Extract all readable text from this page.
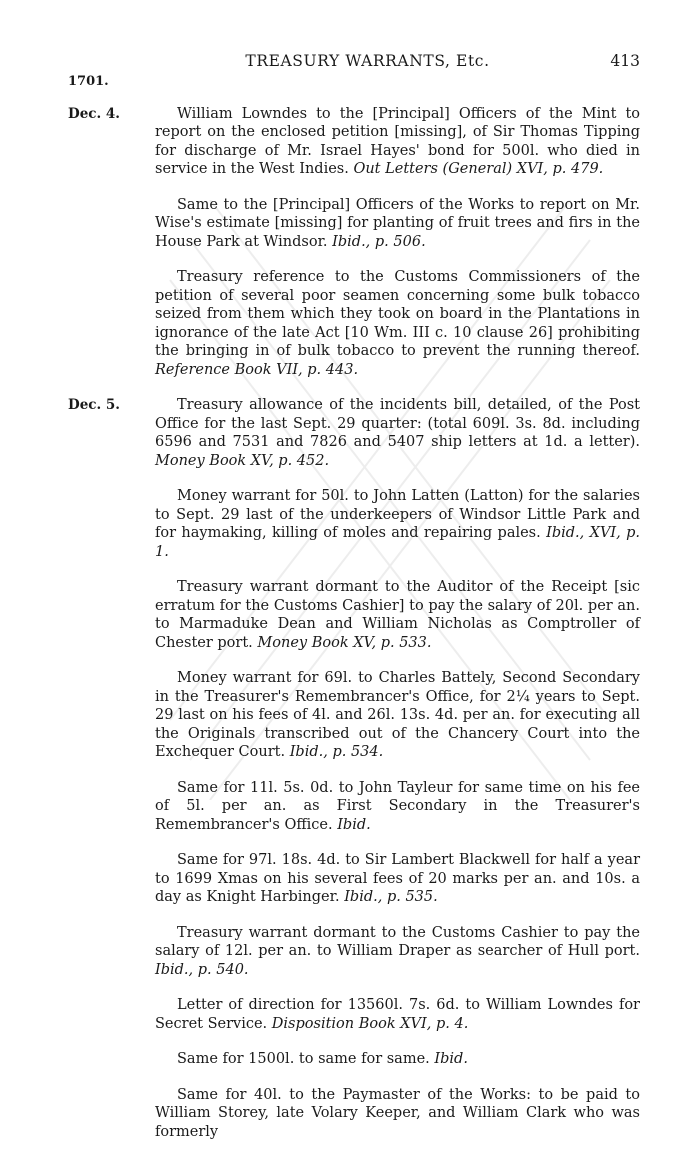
TREASURY WARRANTS, Etc.	413
1701.

Dec. 4.	William Lowndes to the [Principal] Officers of the Mint to report on the enclosed petition [missing], of Sir Thomas Tipping for discharge of Mr. Israel Hayes' bond for 500l. who died in service in the West Indies. Out Letters (General) XVI, p. 479.

Same to the [Principal] Officers of the Works to report on Mr. Wise's estimate [missing] for planting of fruit trees and firs in the House Park at Windsor. Ibid., p. 506.

Treasury reference to the Customs Commissioners of the petition of several poor seamen concerning some bulk tobacco seized from them which they took on board in the Plantations in ignorance of the late Act [10 Wm. III c. 10 clause 26] prohibiting the bringing in of bulk tobacco to prevent the running thereof. Reference Book VII, p. 443.

Dec. 5.	Treasury allowance of the incidents bill, detailed, of the Post Office for the last Sept. 29 quarter: (total 609l. 3s. 8d. including 6596 and 7531 and 7826 and 5407 ship letters at 1d. a letter). Money Book XV, p. 452.

Money warrant for 50l. to John Latten (Latton) for the salaries to Sept. 29 last of the underkeepers of Windsor Little Park and for haymaking, killing of moles and repairing pales. Ibid., XVI, p. 1.

Treasury warrant dormant to the Auditor of the Receipt [sic erratum for the Customs Cashier] to pay the salary of 20l. per an. to Marmaduke Dean and William Nicholas as Comptroller of Chester port. Money Book XV, p. 533.

Money warrant for 69l. to Charles Battely, Second Secondary in the Treasurer's Remembrancer's Office, for 2¼ years to Sept. 29 last on his fees of 4l. and 26l. 13s. 4d. per an. for executing all the Originals transcribed out of the Chancery Court into the Exchequer Court. Ibid., p. 534.

Same for 11l. 5s. 0d. to John Tayleur for same time on his fee of 5l. per an. as First Secondary in the Treasurer's Remembrancer's Office. Ibid.

Same for 97l. 18s. 4d. to Sir Lambert Blackwell for half a year to 1699 Xmas on his several fees of 20 marks per an. and 10s. a day as Knight Harbinger. Ibid., p. 535.

Treasury warrant dormant to the Customs Cashier to pay the salary of 12l. per an. to William Draper as searcher of Hull port. Ibid., p. 540.

Letter of direction for 13560l. 7s. 6d. to William Lowndes for Secret Service. Disposition Book XVI, p. 4.

Same for 1500l. to same for same. Ibid.

Same for 40l. to the Paymaster of the Works: to be paid to William Storey, late Volary Keeper, and William Clark who was formerly
